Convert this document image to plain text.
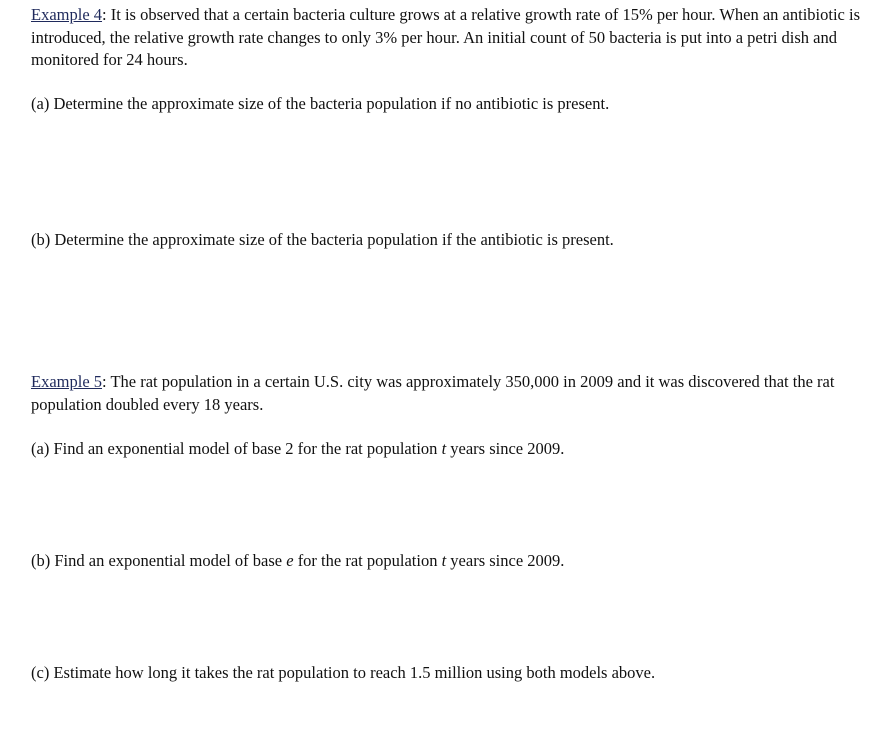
Example 4: It is observed that a certain bacteria culture grows at a relative growth rate of 15% per hour. When an antibiotic is introduced, the relative growth rate changes to only 3% per hour. An initial count of 50 bacteria is put into a petri dish and monitored for 24 hours.
(a) Determine the approximate size of the bacteria population if no antibiotic is present.
(b) Determine the approximate size of the bacteria population if the antibiotic is present.
Example 5: The rat population in a certain U.S. city was approximately 350,000 in 2009 and it was discovered that the rat population doubled every 18 years.
(a) Find an exponential model of base 2 for the rat population t years since 2009.
(b) Find an exponential model of base e for the rat population t years since 2009.
(c) Estimate how long it takes the rat population to reach 1.5 million using both models above.
